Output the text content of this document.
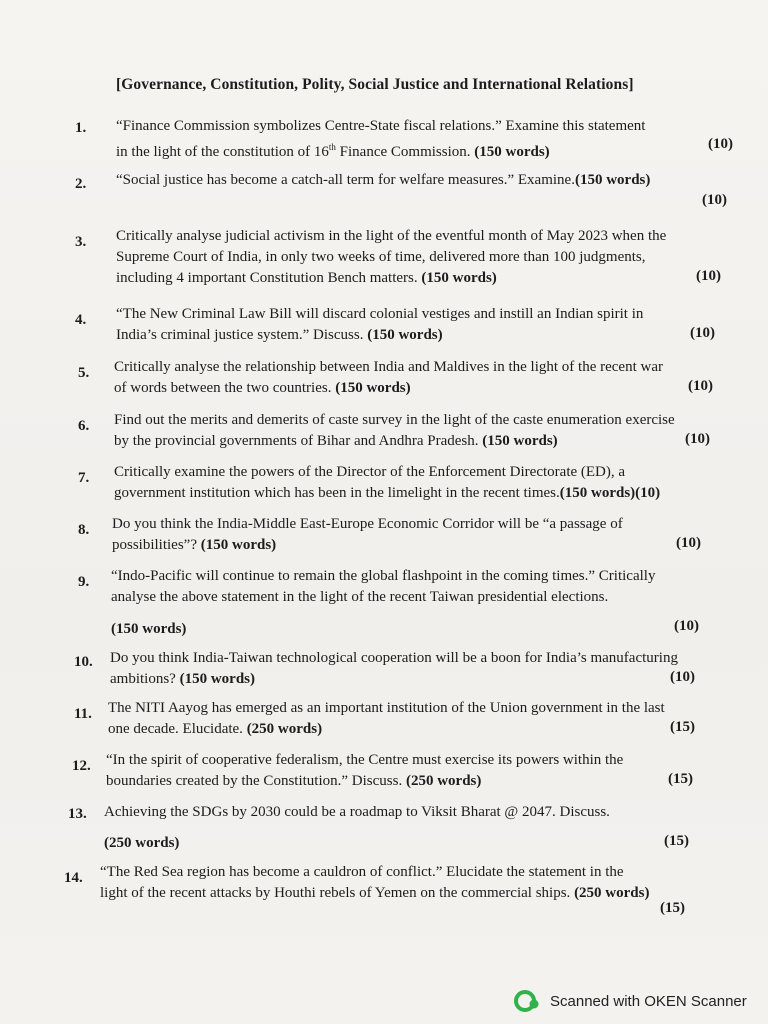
[Governance, Constitution, Polity, Social Justice and International Relations]
1.	“Finance Commission symbolizes Centre-State fiscal relations.” Examine this statement
in the light of the constitution of 16th Finance Commission. (150 words)	(10)
2.	“Social justice has become a catch-all term for welfare measures.” Examine.(150 words)
(10)
3.	Critically analyse judicial activism in the light of the eventful month of May 2023 when the
Supreme Court of India, in only two weeks of time, delivered more than 100 judgments,
including 4 important Constitution Bench matters. (150 words)	(10)
4.	“The New Criminal Law Bill will discard colonial vestiges and instill an Indian spirit in
India’s criminal justice system.” Discuss. (150 words)	(10)
5.	Critically analyse the relationship between India and Maldives in the light of the recent war
of words between the two countries. (150 words)	(10)
6.	Find out the merits and demerits of caste survey in the light of the caste enumeration exercise
by the provincial governments of Bihar and Andhra Pradesh. (150 words)	(10)
7.	Critically examine the powers of the Director of the Enforcement Directorate (ED), a
government institution which has been in the limelight in the recent times.(150 words)(10)
8.	Do you think the India-Middle East-Europe Economic Corridor will be “a passage of
possibilities”? (150 words)	(10)
9.	“Indo-Pacific will continue to remain the global flashpoint in the coming times.” Critically
analyse the above statement in the light of the recent Taiwan presidential elections.
(150 words)	(10)
10.	Do you think India-Taiwan technological cooperation will be a boon for India’s manufacturing
ambitions? (150 words)	(10)
11.	The NITI Aayog has emerged as an important institution of the Union government in the last
one decade. Elucidate. (250 words)	(15)
12.	“In the spirit of cooperative federalism, the Centre must exercise its powers within the
boundaries created by the Constitution.” Discuss. (250 words)	(15)
13.	Achieving the SDGs by 2030 could be a roadmap to Viksit Bharat @ 2047. Discuss.
(250 words)	(15)
14.	“The Red Sea region has become a cauldron of conflict.” Elucidate the statement in the
light of the recent attacks by Houthi rebels of Yemen on the commercial ships. (250 words)
(15)
Scanned with OKEN Scanner
